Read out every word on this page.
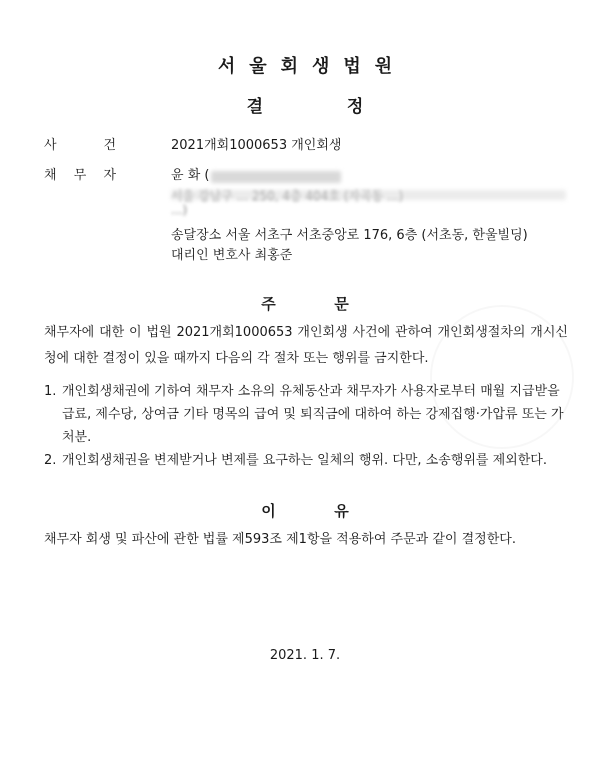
서울회생법원
결	정
사	건	2021개회1000653 개인회생
채 무 자	윤 화 (
...)
송달장소 서울 서초구 서초중앙로 176, 6층 (서초동, 한울빌딩)
대리인 변호사 최홍준
주	문
채무자에 대한 이 법원 2021개회1000653 개인회생 사건에 관하여 개인회생절차의 개시신청에 대한 결정이 있을 때까지 다음의 각 절차 또는 행위를 금지한다.
1. 개인회생채권에 기하여 채무자 소유의 유체동산과 채무자가 사용자로부터 매월 지급받을 급료, 제수당, 상여금 기타 명목의 급여 및 퇴직금에 대하여 하는 강제집행·가압류 또는 가처분.
2. 개인회생채권을 변제받거나 변제를 요구하는 일체의 행위. 다만, 소송행위를 제외한다.
이	유
채무자 회생 및 파산에 관한 법률 제593조 제1항을 적용하여 주문과 같이 결정한다.
2021. 1. 7.
